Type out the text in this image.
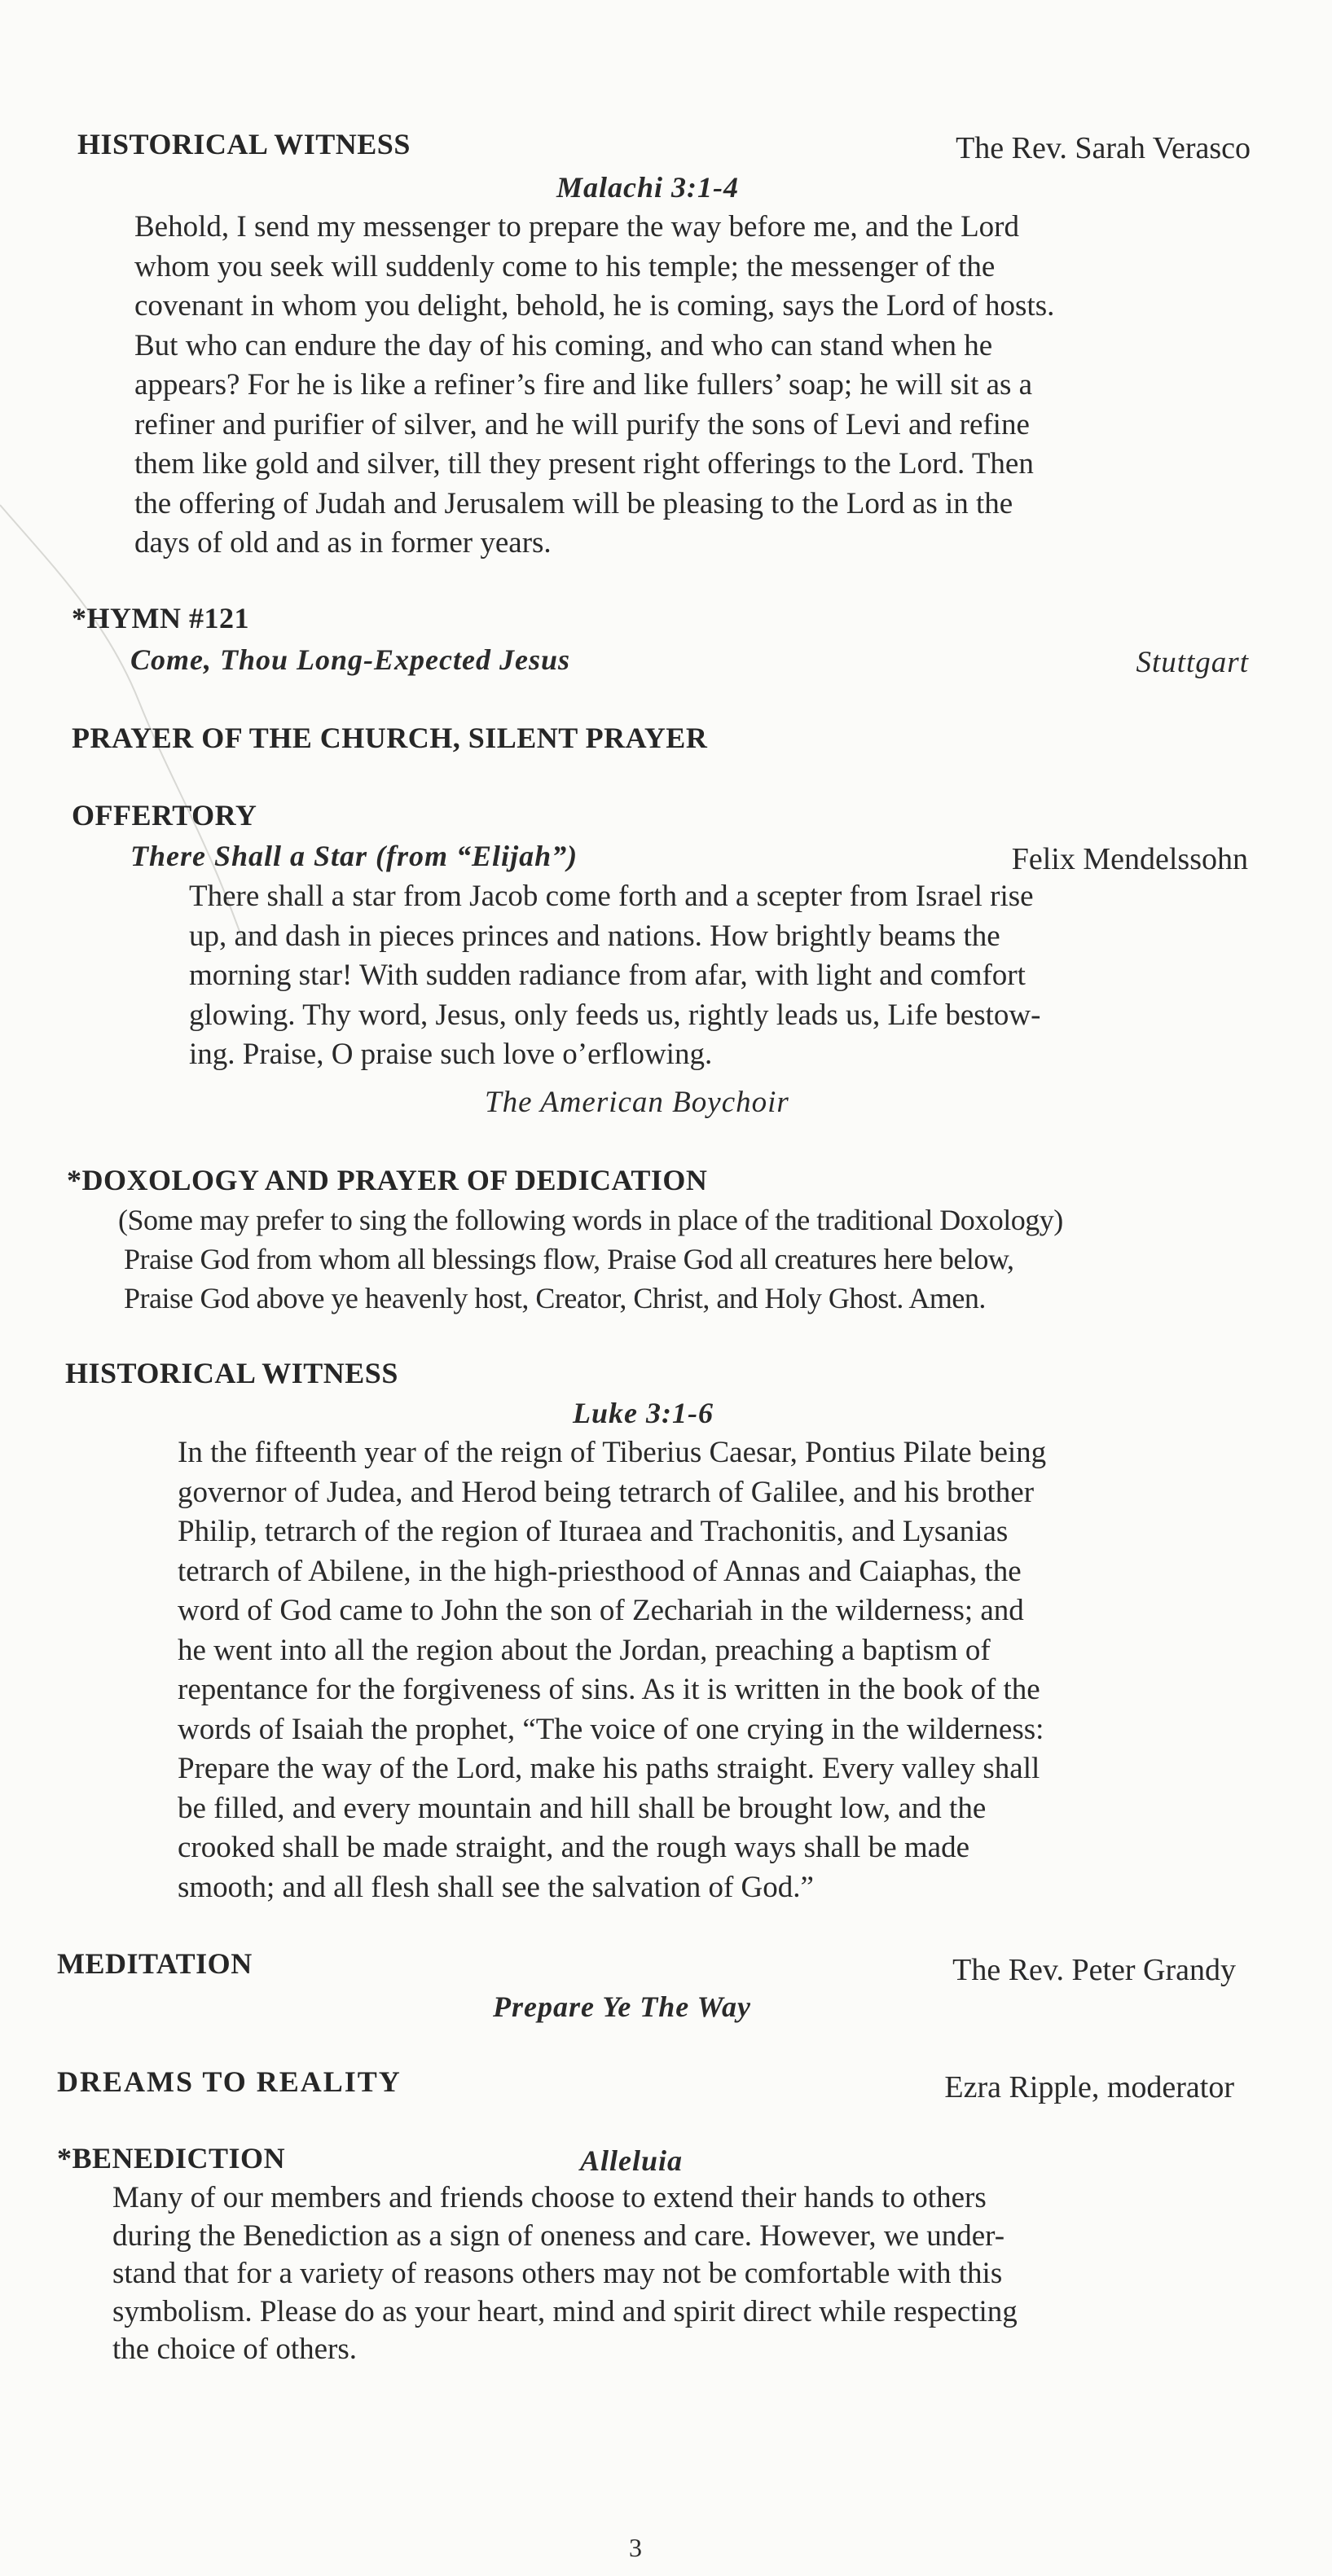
HISTORICAL WITNESS	The Rev. Sarah Verasco
Malachi 3:1-4
Behold, I send my messenger to prepare the way before me, and the Lord
whom you seek will suddenly come to his temple; the messenger of the
covenant in whom you delight, behold, he is coming, says the Lord of hosts.
But who can endure the day of his coming, and who can stand when he
appears? For he is like a refiner’s fire and like fullers’ soap; he will sit as a
refiner and purifier of silver, and he will purify the sons of Levi and refine
them like gold and silver, till they present right offerings to the Lord. Then
the offering of Judah and Jerusalem will be pleasing to the Lord as in the
days of old and as in former years.
*HYMN #121
Come, Thou Long-Expected Jesus	Stuttgart
PRAYER OF THE CHURCH, SILENT PRAYER
OFFERTORY
There Shall a Star (from “Elijah”)	Felix Mendelssohn
There shall a star from Jacob come forth and a scepter from Israel rise
up, and dash in pieces princes and nations. How brightly beams the
morning star! With sudden radiance from afar, with light and comfort
glowing. Thy word, Jesus, only feeds us, rightly leads us, Life bestow-
ing. Praise, O praise such love o’erflowing.
The American Boychoir
*DOXOLOGY AND PRAYER OF DEDICATION
(Some may prefer to sing the following words in place of the traditional Doxology)
Praise God from whom all blessings flow, Praise God all creatures here below,
Praise God above ye heavenly host, Creator, Christ, and Holy Ghost. Amen.
HISTORICAL WITNESS
Luke 3:1-6
In the fifteenth year of the reign of Tiberius Caesar, Pontius Pilate being
governor of Judea, and Herod being tetrarch of Galilee, and his brother
Philip, tetrarch of the region of Ituraea and Trachonitis, and Lysanias
tetrarch of Abilene, in the high-priesthood of Annas and Caiaphas, the
word of God came to John the son of Zechariah in the wilderness; and
he went into all the region about the Jordan, preaching a baptism of
repentance for the forgiveness of sins. As it is written in the book of the
words of Isaiah the prophet, “The voice of one crying in the wilderness:
Prepare the way of the Lord, make his paths straight. Every valley shall
be filled, and every mountain and hill shall be brought low, and the
crooked shall be made straight, and the rough ways shall be made
smooth; and all flesh shall see the salvation of God.”
MEDITATION	The Rev. Peter Grandy
Prepare Ye The Way
DREAMS TO REALITY	Ezra Ripple, moderator
*BENEDICTION	Alleluia
Many of our members and friends choose to extend their hands to others
during the Benediction as a sign of oneness and care. However, we under-
stand that for a variety of reasons others may not be comfortable with this
symbolism. Please do as your heart, mind and spirit direct while respecting
the choice of others.
3
